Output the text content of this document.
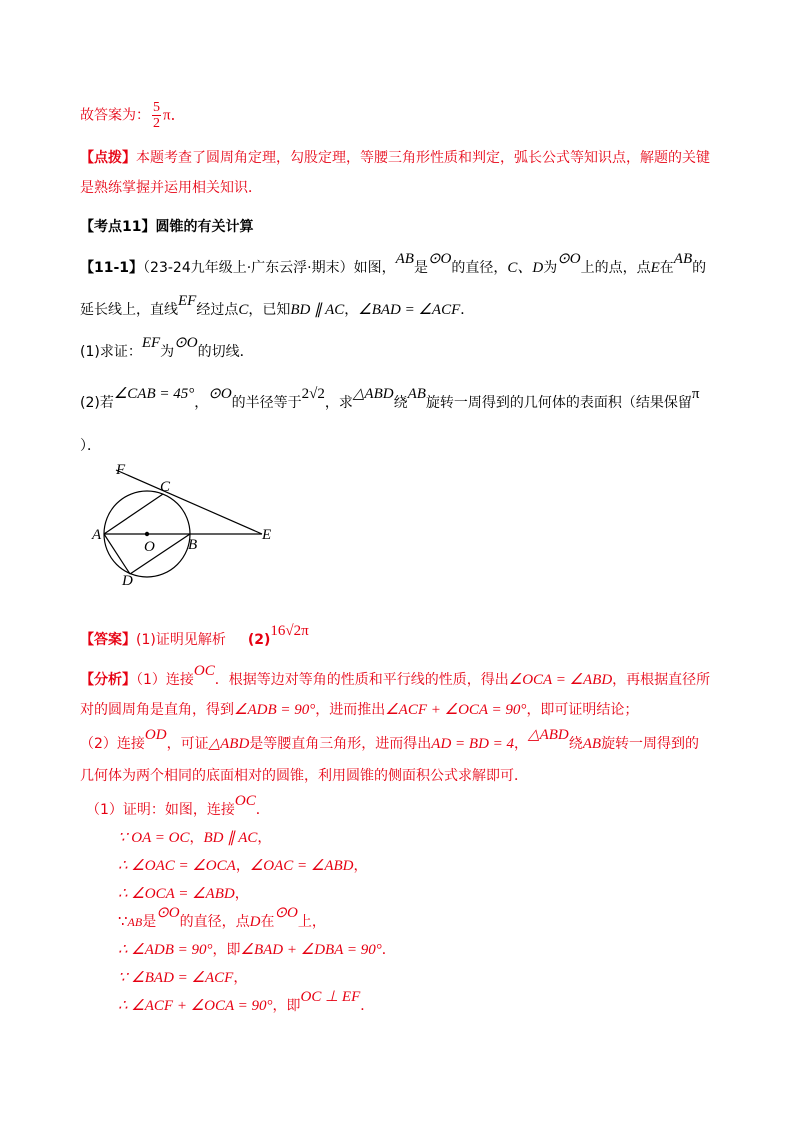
故答案为： $\frac{5}{2}$ π．
【点拨】本题考查了圆周角定理，勾股定理，等腰三角形性质和判定，弧长公式等知识点，解题的关键
是熟练掌握并运用相关知识．
【考点11】圆锥的有关计算
【11-1】（23-24九年级上·广东云浮·期末）如图，AB是⊙O的直径，C、D为⊙O上的点，点E在AB的
延长线上，直线EF经过点C，已知BD ∥ AC，∠BAD = ∠ACF．
(1)求证：EF为⊙O的切线．
(2)若∠CAB = 45°，⊙O的半径等于2√2，求△ABD绕AB旋转一周得到的几何体的表面积（结果保留π
）．
F
C
A
O B
E
D
【答案】(1)证明见解析 (2)16√2π
【分析】（1）连接OC．根据等边对等角的性质和平行线的性质，得出∠OCA = ∠ABD，再根据直径所
对的圆周角是直角，得到∠ADB = 90°，进而推出∠ACF + ∠OCA = 90°，即可证明结论；
（2）连接OD，可证△ABD是等腰直角三角形，进而得出AD = BD = 4，△ABD绕AB旋转一周得到的
几何体为两个相同的底面相对的圆锥，利用圆锥的侧面积公式求解即可．
（1）证明：如图，连接OC．
∵ OA = OC，BD ∥ AC，
∴ ∠OAC = ∠OCA，∠OAC = ∠ABD，
∴ ∠OCA = ∠ABD，
∵AB是⊙O的直径，点D在⊙O上，
∴ ∠ADB = 90°，即∠BAD + ∠DBA = 90°．
∵ ∠BAD = ∠ACF，
∴ ∠ACF + ∠OCA = 90°，即OC ⊥ EF．
